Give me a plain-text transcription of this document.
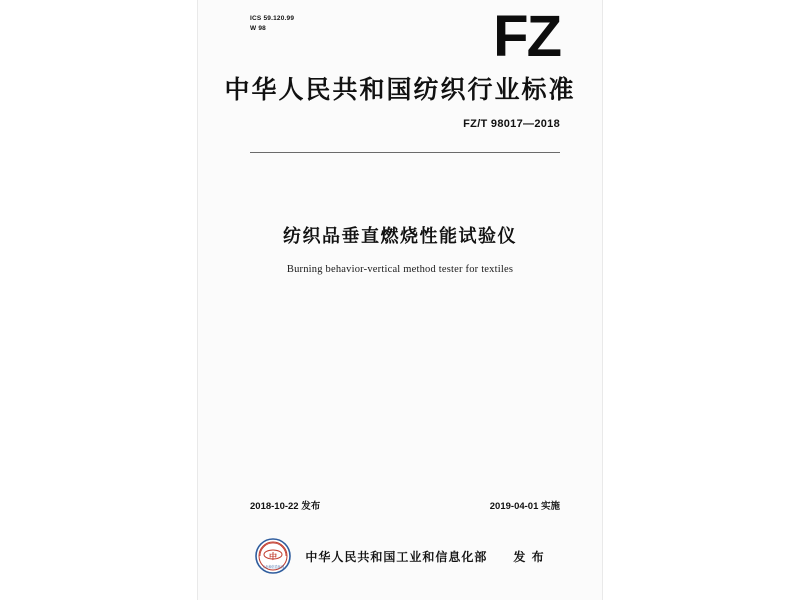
ICS 59.120.99
W 98	FZ
中华人民共和国纺织行业标准
FZ/T 98017—2018
纺织品垂直燃烧性能试验仪
Burning behavior-vertical method tester for textiles
2018-10-22 发布	2019-04-01 实施
中
工业和信息化部
中华人民共和国工业和信息化部 发 布
